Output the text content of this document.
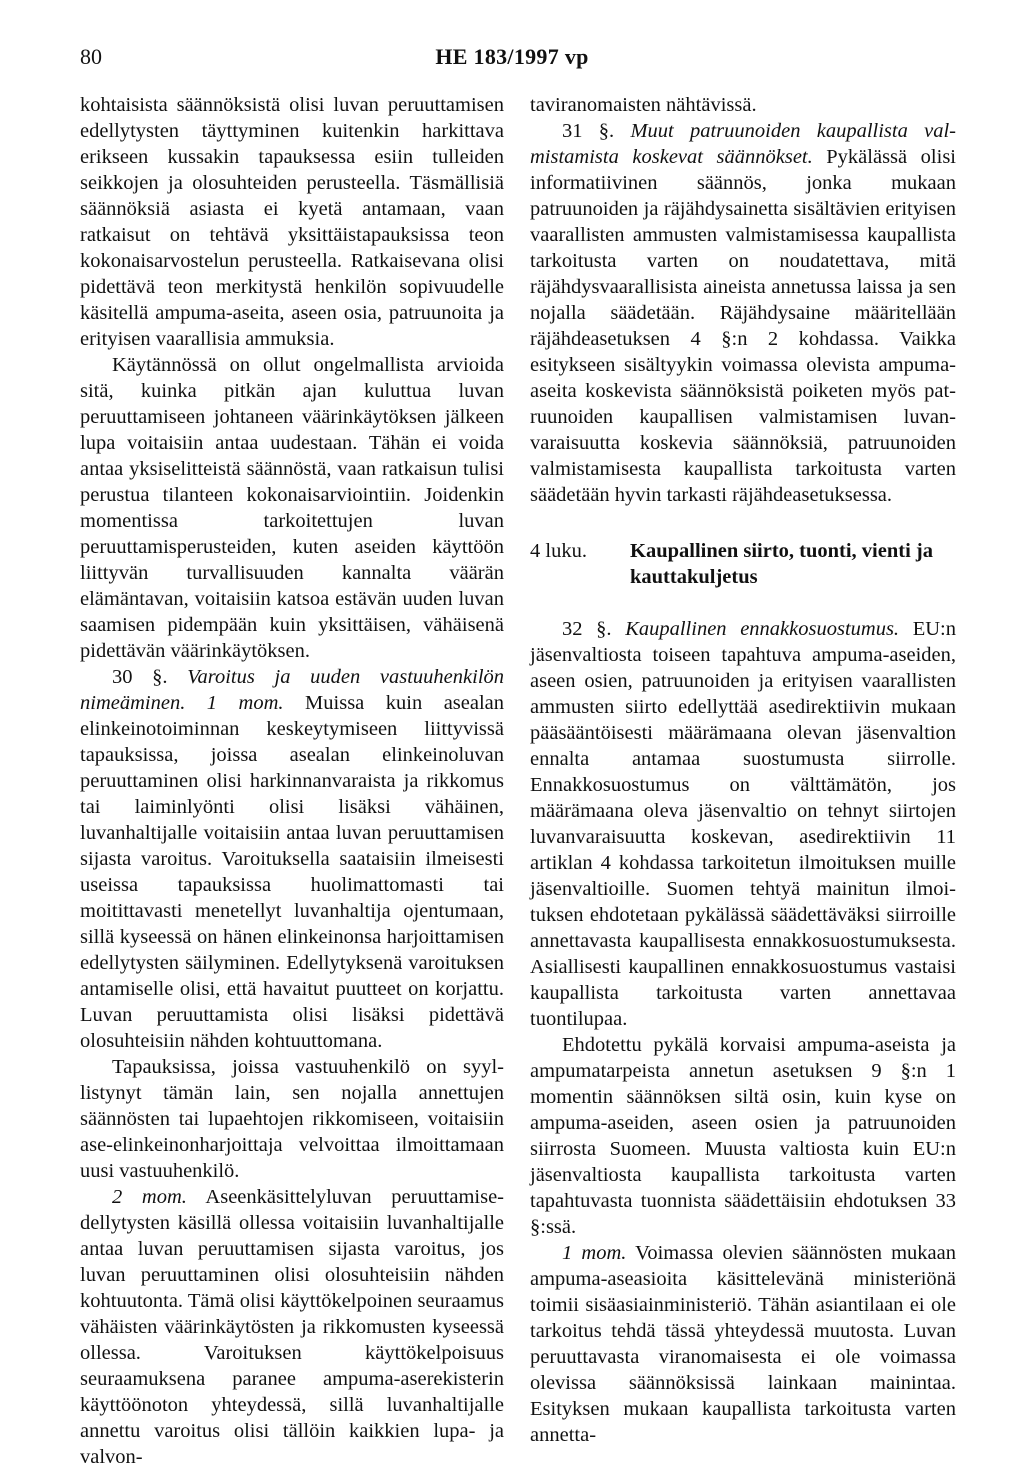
80	HE 183/1997 vp

kohtaisista säännöksistä olisi luvan peruuttamisen edellytysten täyttyminen kuitenkin harkittava erikseen kussakin tapauksessa esiin tulleiden seikkojen ja olosuhteiden perusteella. Täsmällisiä säännöksiä asiasta ei kyetä antamaan, vaan ratkaisut on tehtävä yksittäistapauksissa teon kokonaisarvostelun perusteella. Ratkaisevana olisi pidettävä teon merkitystä henkilön sopivuudelle käsitellä ampuma-aseita, aseen osia, patruunoita ja erityisen vaarallisia ammuksia.

Käytännössä on ollut ongelmallista arvioida sitä, kuinka pitkän ajan kuluttua luvan peruuttamiseen johtaneen väärinkäytöksen jälkeen lupa voitaisiin antaa uudestaan. Tähän ei voida antaa yksiselitteistä säännöstä, vaan ratkaisun tulisi perustua tilanteen kokonaisarviointiin. Joidenkin momentissa tarkoitettujen luvan peruuttamisperusteiden, kuten aseiden käyttöön liittyvän turvallisuuden kannalta väärän elämäntavan, voitaisiin katsoa estävän uuden luvan saamisen pidempään kuin yksittäisen, vähäisenä pidettävän väärinkäytöksen.

30 §. Varoitus ja uuden vastuuhenkilön nimeäminen. 1 mom. Muissa kuin asealan elinkeinotoiminnan keskeytymiseen liittyvissä tapauksissa, joissa asealan elinkeinoluvan peruuttaminen olisi harkinnanvaraista ja rikkomus tai laiminlyönti olisi lisäksi vähäinen, luvanhaltijalle voitaisiin antaa luvan peruuttamisen sijasta varoitus. Varoituksella saataisiin ilmeisesti useissa tapauksissa huolimattomasti tai moitittavasti menetellyt luvanhaltija ojentumaan, sillä kyseessä on hänen elinkeinonsa harjoittamisen edellytysten säilyminen. Edellytyksenä varoituksen antamiselle olisi, että havaitut puutteet on korjattu. Luvan peruuttamista olisi lisäksi pidettävä olosuhteisiin nähden kohtuuttomana.

Tapauksissa, joissa vastuuhenkilö on syyllistynyt tämän lain, sen nojalla annettujen säännösten tai lupaehtojen rikkomiseen, voitaisiin ase-elinkeinonharjoittaja velvoittaa ilmoittamaan uusi vastuuhenkilö.

2 mom. Aseenkäsittelyluvan peruuttamisedellytysten käsillä ollessa voitaisiin luvanhaltijalle antaa luvan peruuttamisen sijasta varoitus, jos luvan peruuttaminen olisi olosuhteisiin nähden kohtuutonta. Tämä olisi käyttökelpoinen seuraamus vähäisten väärinkäytösten ja rikkomusten kyseessä ollessa. Varoituksen käyttökelpoisuus seuraamuksena paranee ampuma-aserekisterin käyttöönoton yhteydessä, sillä luvanhaltijalle annettu varoitus olisi tällöin kaikkien lupa- ja valvon-

taviranomaisten nähtävissä.

31 §. Muut patruunoiden kaupallista valmistamista koskevat säännökset. Pykälässä olisi informatiivinen säännös, jonka mukaan patruunoiden ja räjähdysainetta sisältävien erityisen vaarallisten ammusten valmistamisessa kaupallista tarkoitusta varten on noudatettava, mitä räjähdysvaarallisista aineista annetussa laissa ja sen nojalla säädetään. Räjähdysaine määritellään räjähdeasetuksen 4 §:n 2 kohdassa. Vaikka esitykseen sisältyykin voimassa olevista ampuma-aseita koskevista säännöksistä poiketen myös patruunoiden kaupallisen valmistamisen luvanvaraisuutta koskevia säännöksiä, patruunoiden valmistamisesta kaupallista tarkoitusta varten säädetään hyvin tarkasti räjähdeasetuksessa.

4 luku.	Kaupallinen siirto, tuonti, vienti ja kauttakuljetus

32 §. Kaupallinen ennakkosuostumus. EU:n jäsenvaltiosta toiseen tapahtuva ampuma-aseiden, aseen osien, patruunoiden ja erityisen vaarallisten ammusten siirto edellyttää asedirektiivin mukaan pääsääntöisesti määrämaana olevan jäsenvaltion ennalta antamaa suostumusta siirrolle. Ennakkosuostumus on välttämätön, jos määrämaana oleva jäsenvaltio on tehnyt siirtojen luvanvaraisuutta koskevan, asedirektiivin 11 artiklan 4 kohdassa tarkoitetun ilmoituksen muille jäsenvaltioille. Suomen tehtyä mainitun ilmoituksen ehdotetaan pykälässä säädettäväksi siirroille annettavasta kaupallisesta ennakkosuostumuksesta. Asiallisesti kaupallinen ennakkosuostumus vastaisi kaupallista tarkoitusta varten annettavaa tuontilupaa.

Ehdotettu pykälä korvaisi ampuma-aseista ja ampumatarpeista annetun asetuksen 9 §:n 1 momentin säännöksen siltä osin, kuin kyse on ampuma-aseiden, aseen osien ja patruunoiden siirrosta Suomeen. Muusta valtiosta kuin EU:n jäsenvaltiosta kaupallista tarkoitusta varten tapahtuvasta tuonnista säädettäisiin ehdotuksen 33 §:ssä.

1 mom. Voimassa olevien säännösten mukaan ampuma-aseasioita käsittelevänä ministeriönä toimii sisäasiainministeriö. Tähän asiantilaan ei ole tarkoitus tehdä tässä yhteydessä muutosta. Luvan peruuttavasta viranomaisesta ei ole voimassa olevissa säännöksissä lainkaan mainintaa. Esityksen mukaan kaupallista tarkoitusta varten annetta-
